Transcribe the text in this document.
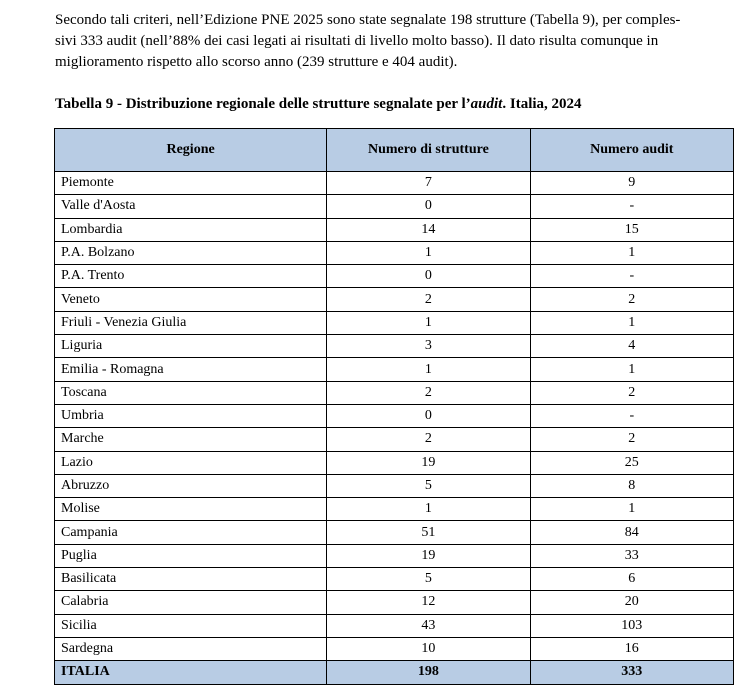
Secondo tali criteri, nell’Edizione PNE 2025 sono state segnalate 198 strutture (Tabella 9), per comples-
sivi 333 audit (nell’88% dei casi legati ai risultati di livello molto basso). Il dato risulta comunque in
miglioramento rispetto allo scorso anno (239 strutture e 404 audit).
Tabella 9 - Distribuzione regionale delle strutture segnalate per l’audit. Italia, 2024
Regione	Numero di strutture	Numero audit
Piemonte	7	9
Valle d'Aosta	0	-
Lombardia	14	15
P.A. Bolzano	1	1
P.A. Trento	0	-
Veneto	2	2
Friuli - Venezia Giulia	1	1
Liguria	3	4
Emilia - Romagna	1	1
Toscana	2	2
Umbria	0	-
Marche	2	2
Lazio	19	25
Abruzzo	5	8
Molise	1	1
Campania	51	84
Puglia	19	33
Basilicata	5	6
Calabria	12	20
Sicilia	43	103
Sardegna	10	16
ITALIA	198	333
